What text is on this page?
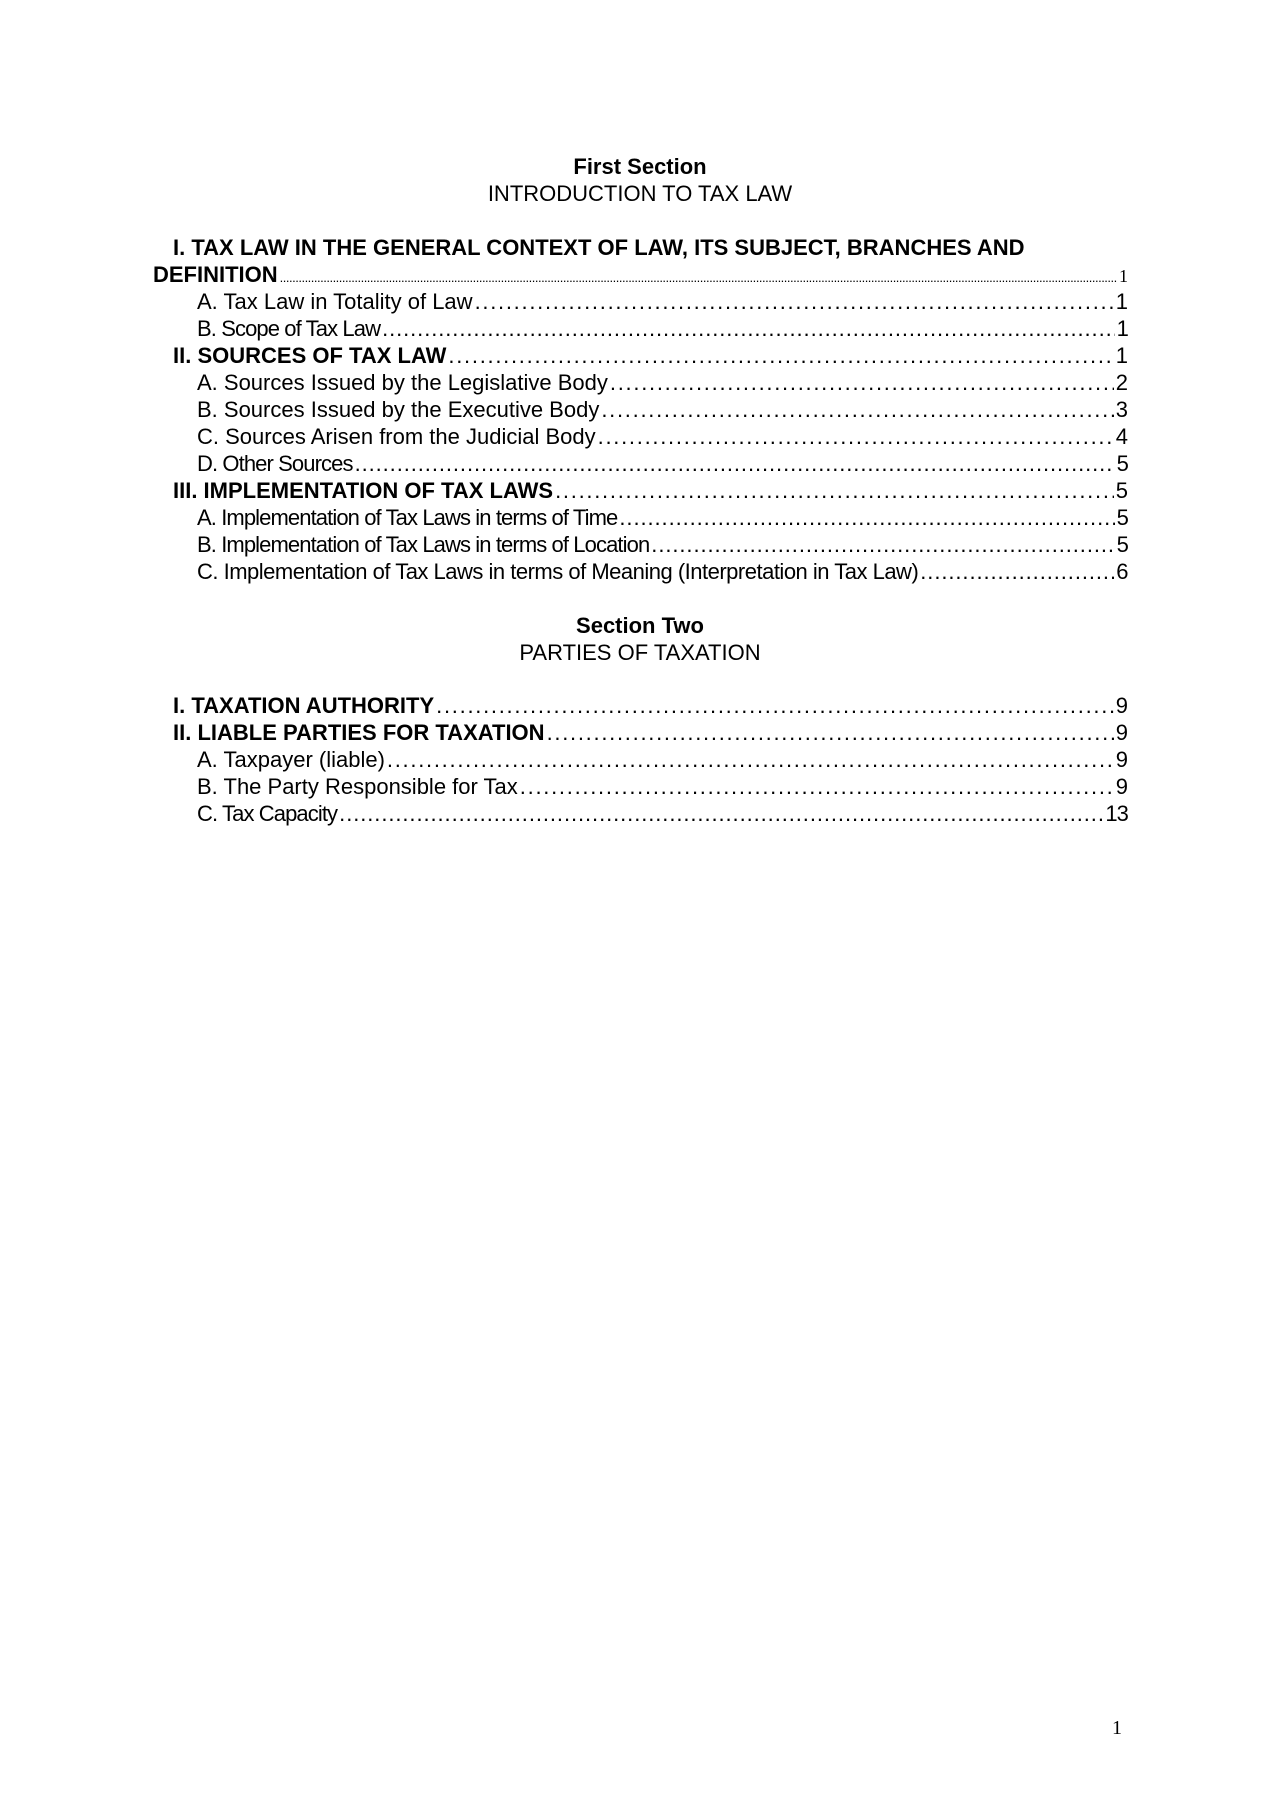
First Section
INTRODUCTION TO TAX LAW
I. TAX LAW IN THE GENERAL CONTEXT OF LAW, ITS SUBJECT, BRANCHES AND
DEFINITION .....	1
A. Tax Law in Totality of Law . . .	1
B. Scope of Tax Law . . .	1
II. SOURCES OF TAX LAW . . .	1
A. Sources Issued by the Legislative Body . . .	2
B. Sources Issued by the Executive Body . . .	3
C. Sources Arisen from the Judicial Body . . .	4
D. Other Sources . . .	5
III. IMPLEMENTATION OF TAX LAWS . . .	5
A. Implementation of Tax Laws in terms of Time . . .	5
B. Implementation of Tax Laws in terms of Location . . .	5
C. Implementation of Tax Laws in terms of Meaning (Interpretation in Tax Law) . . .	6
Section Two
PARTIES OF TAXATION
I. TAXATION AUTHORITY . . .	9
II. LIABLE PARTIES FOR TAXATION . . .	9
A. Taxpayer (liable) . . .	9
B. The Party Responsible for Tax . . .	9
C. Tax Capacity . . .	13
1
